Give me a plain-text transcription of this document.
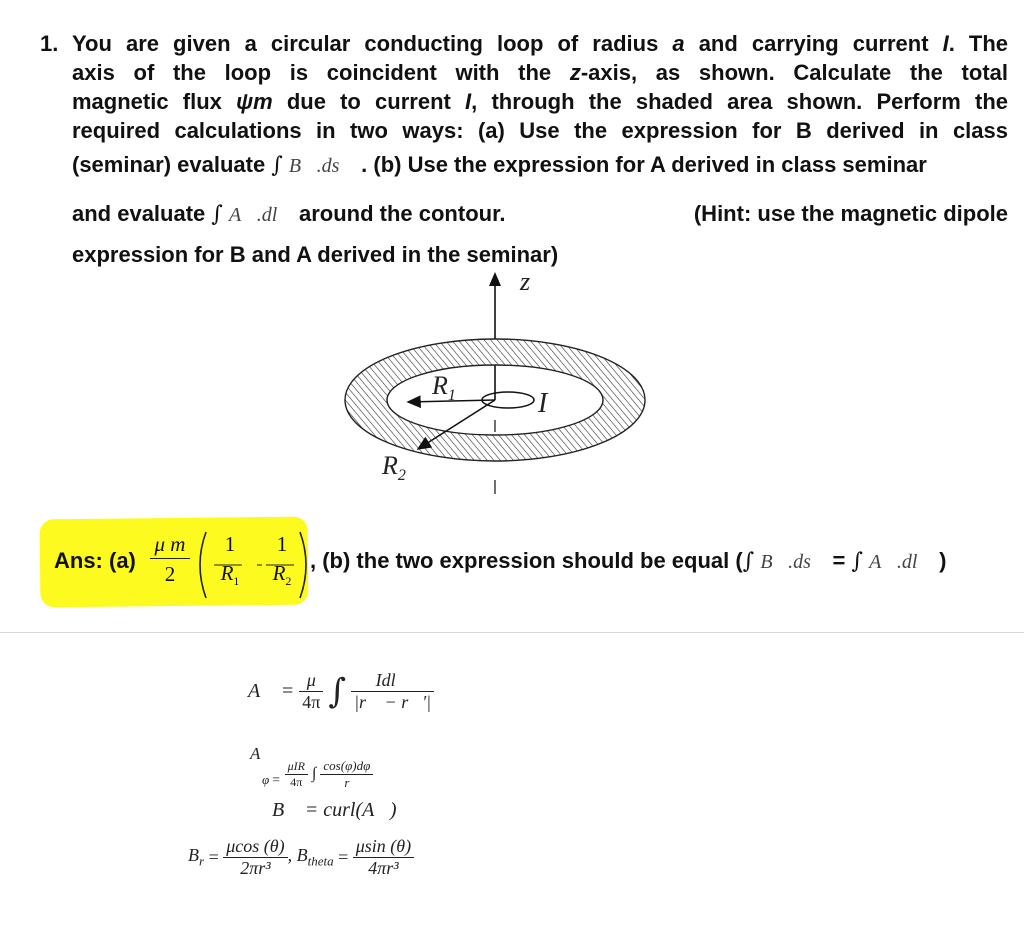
1. You are given a circular conducting loop of radius a and carrying current I. The
axis of the loop is coincident with the z-axis, as shown. Calculate the total
magnetic flux ψm due to current I, through the shaded area shown. Perform the
required calculations in two ways: (a) Use the expression for B derived in class
(seminar) evaluate ∫ B⃗.ds⃗ . (b) Use the expression for A derived in class seminar
and evaluate ∫ A⃗.dl⃗ around the contour.	(Hint: use the magnetic dipole
expression for B and A derived in the seminar)
z
$R_1$
$R_2$
I
Ans: (a)
μ m
2
1
$R_1$
1
$R_2$
, (b) the two expression should be equal (∫ B⃗.ds⃗ = ∫ A⃗.dl⃗ )
A⃗ = $\frac{\mu}{4\pi}$ ∫ $\frac{\text{Idl⃗}}{|r⃗ - r⃗'|}$
A
$\varphi = \frac{\text{μIR}}{4\pi}$ ∫ $\frac{\cos(\varphi)d\varphi}{r}$
B⃗ = curl(A⃗)
$B_r = \frac{\mu\cos (\theta)}{\text{2πr³}}$ , $B_{theta} = \frac{\mu\sin (\theta)}{\text{4πr³}}$
